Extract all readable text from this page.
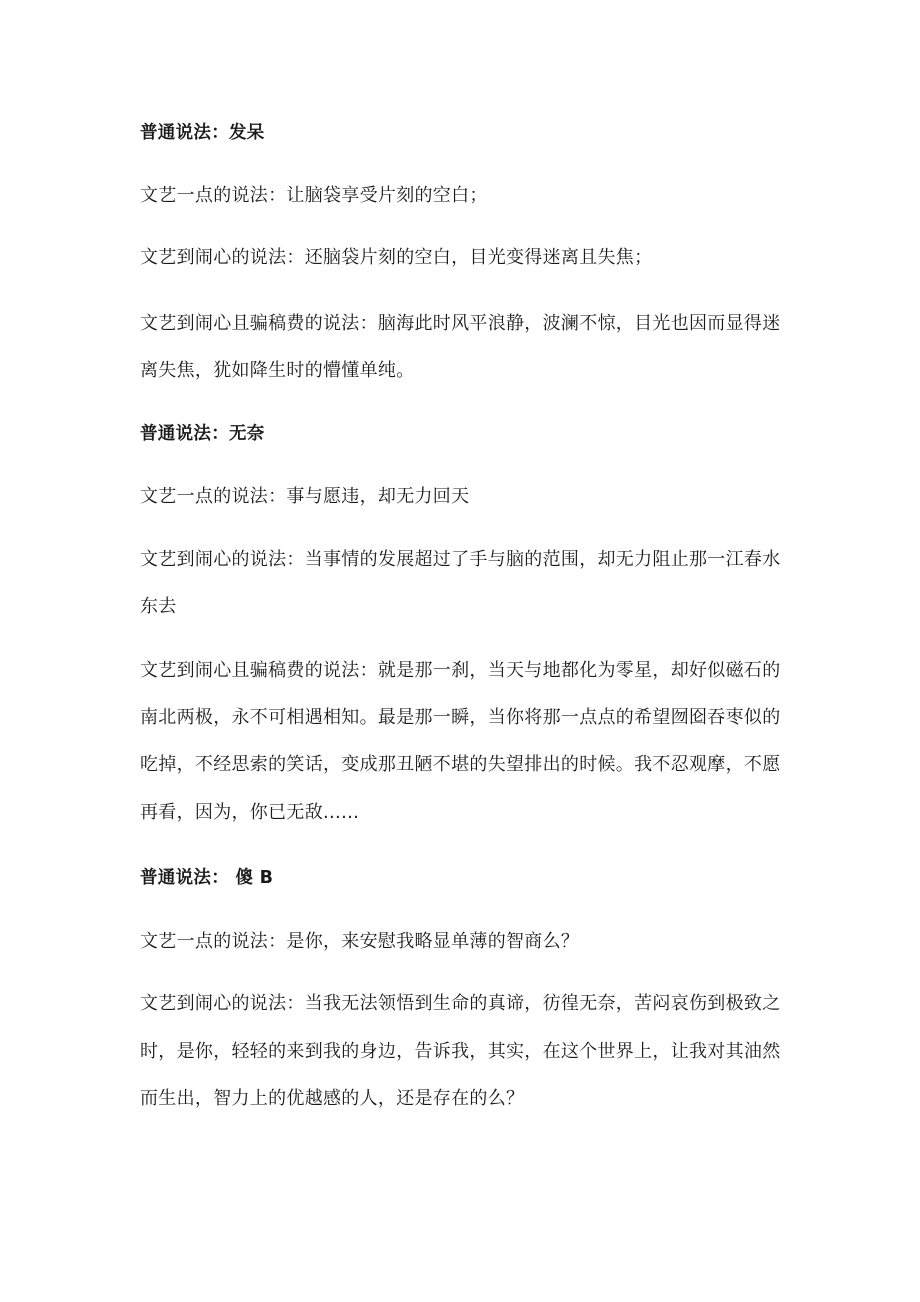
普通说法：发呆
文艺一点的说法：让脑袋享受片刻的空白；
文艺到闹心的说法：还脑袋片刻的空白，目光变得迷离且失焦；
文艺到闹心且骗稿费的说法：脑海此时风平浪静，波澜不惊，目光也因而显得迷
离失焦，犹如降生时的懵懂单纯。
普通说法：无奈
文艺一点的说法：事与愿违，却无力回天
文艺到闹心的说法：当事情的发展超过了手与脑的范围，却无力阻止那一江春水
东去
文艺到闹心且骗稿费的说法：就是那一刹，当天与地都化为零星，却好似磁石的
南北两极，永不可相遇相知。最是那一瞬，当你将那一点点的希望囫囵吞枣似的
吃掉，不经思索的笑话，变成那丑陋不堪的失望排出的时候。我不忍观摩，不愿
再看，因为，你已无敌......
普通说法： 傻 B
文艺一点的说法：是你，来安慰我略显单薄的智商么？
文艺到闹心的说法：当我无法领悟到生命的真谛，彷徨无奈，苦闷哀伤到极致之
时，是你，轻轻的来到我的身边，告诉我，其实，在这个世界上，让我对其油然
而生出，智力上的优越感的人，还是存在的么？
